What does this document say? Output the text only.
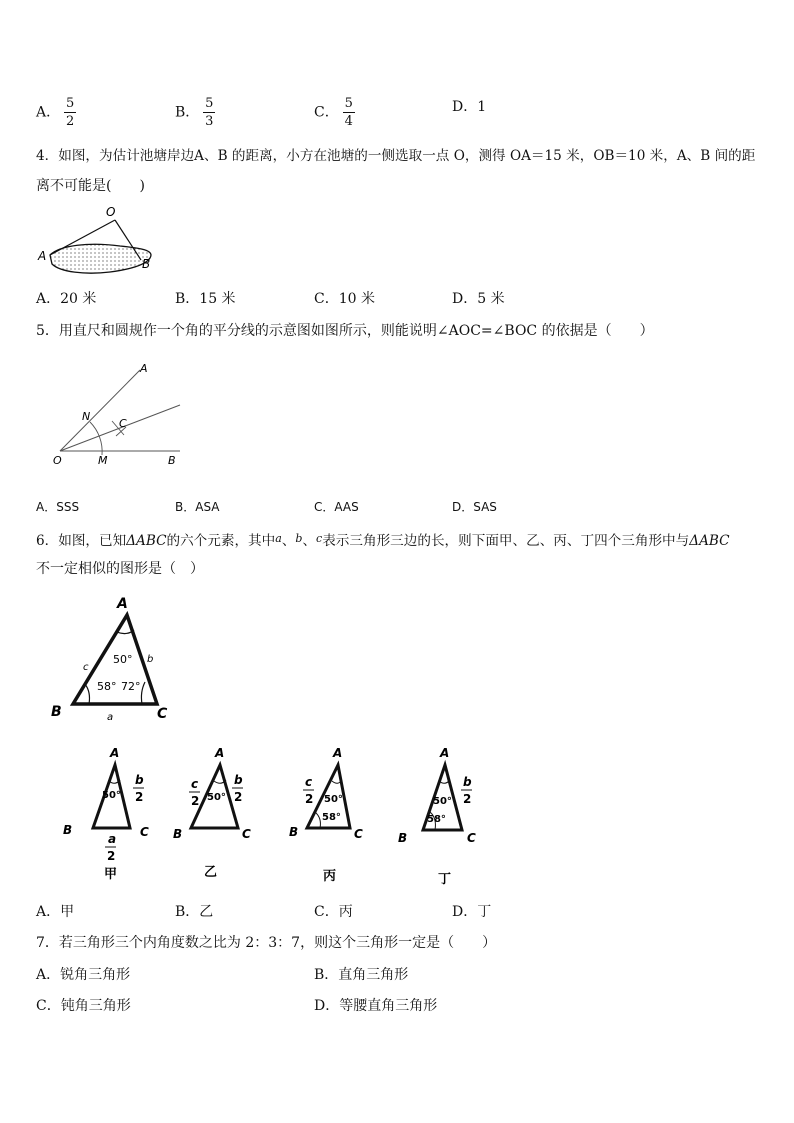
A． $\frac{5}{2}$	B． $\frac{5}{3}$	C． $\frac{5}{4}$	D．1
4．如图，为估计池塘岸边A、B 的距离，小方在池塘的一侧选取一点 O，测得 OA＝15 米，OB＝10 米，A、B 间的距
离不可能是(　　)
O
A
B
A．20 米	B．15 米	C．10 米	D．5 米
5．用直尺和圆规作一个角的平分线的示意图如图所示，则能说明∠AOC=∠BOC 的依据是（　　）
A
N
C
O	M	B
A．SSS	B．ASA	C．AAS	D．SAS
6．如图，已知ΔABC的六个元素，其中$^a$、$^b$、$^c$表示三角形三边的长，则下面甲、乙、丙、丁四个三角形中与ΔABC
不一定相似的图形是（　）
A
B	C
c
b
a
50°
58° 72°
A
B	C
50°
b
2
a
2
甲
A
B	C
50°
c
2
b
2
乙
A
B	C
50°
58°
c
2
丙
A
B	C
50°
58°
b
2
丁
A．甲	B．乙	C．丙	D．丁
7．若三角形三个内角度数之比为 2：3：7，则这个三角形一定是（　　）
A．锐角三角形	B．直角三角形
C．钝角三角形	D．等腰直角三角形
